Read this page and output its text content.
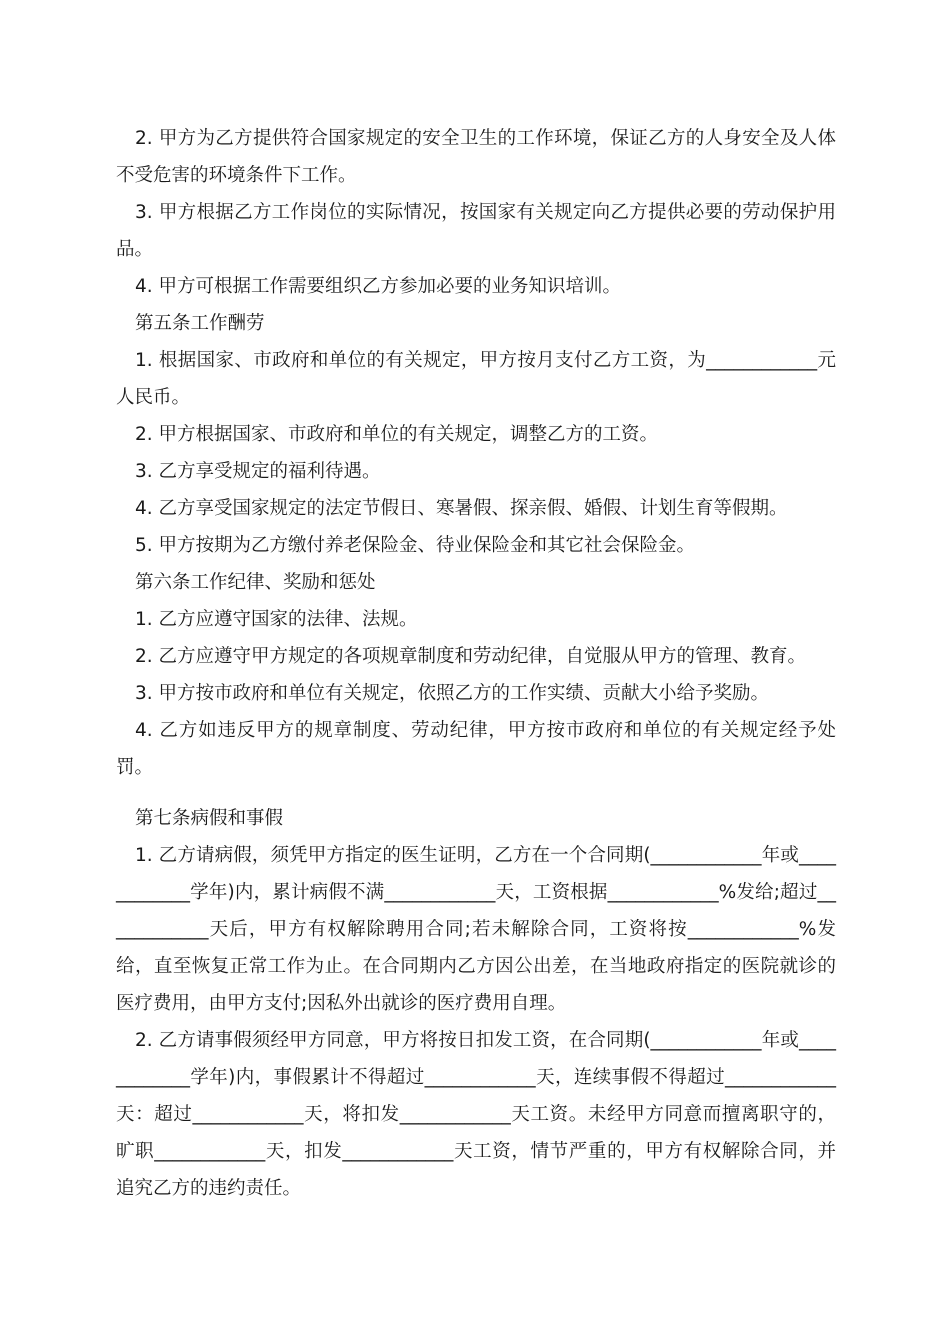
2. 甲方为乙方提供符合国家规定的安全卫生的工作环境，保证乙方的人身安全及人体不受危害的环境条件下工作。

3. 甲方根据乙方工作岗位的实际情况，按国家有关规定向乙方提供必要的劳动保护用品。

4. 甲方可根据工作需要组织乙方参加必要的业务知识培训。

第五条工作酬劳

1. 根据国家、市政府和单位的有关规定，甲方按月支付乙方工资，为____________元人民币。

2. 甲方根据国家、市政府和单位的有关规定，调整乙方的工资。

3. 乙方享受规定的福利待遇。

4. 乙方享受国家规定的法定节假日、寒暑假、探亲假、婚假、计划生育等假期。

5. 甲方按期为乙方缴付养老保险金、待业保险金和其它社会保险金。

第六条工作纪律、奖励和惩处

1. 乙方应遵守国家的法律、法规。

2. 乙方应遵守甲方规定的各项规章制度和劳动纪律，自觉服从甲方的管理、教育。

3. 甲方按市政府和单位有关规定，依照乙方的工作实绩、贡献大小给予奖励。

4. 乙方如违反甲方的规章制度、劳动纪律，甲方按市政府和单位的有关规定经予处罚。

第七条病假和事假

1. 乙方请病假，须凭甲方指定的医生证明，乙方在一个合同期(____________年或____________学年)内，累计病假不满____________天，工资根据____________%发给;超过____________天后，甲方有权解除聘用合同;若未解除合同，工资将按____________%发给，直至恢复正常工作为止。在合同期内乙方因公出差，在当地政府指定的医院就诊的医疗费用，由甲方支付;因私外出就诊的医疗费用自理。

2. 乙方请事假须经甲方同意，甲方将按日扣发工资，在合同期(____________年或____________学年)内，事假累计不得超过____________天，连续事假不得超过____________天：超过____________天，将扣发____________天工资。未经甲方同意而擅离职守的，旷职____________天，扣发____________天工资，情节严重的，甲方有权解除合同，并追究乙方的违约责任。
